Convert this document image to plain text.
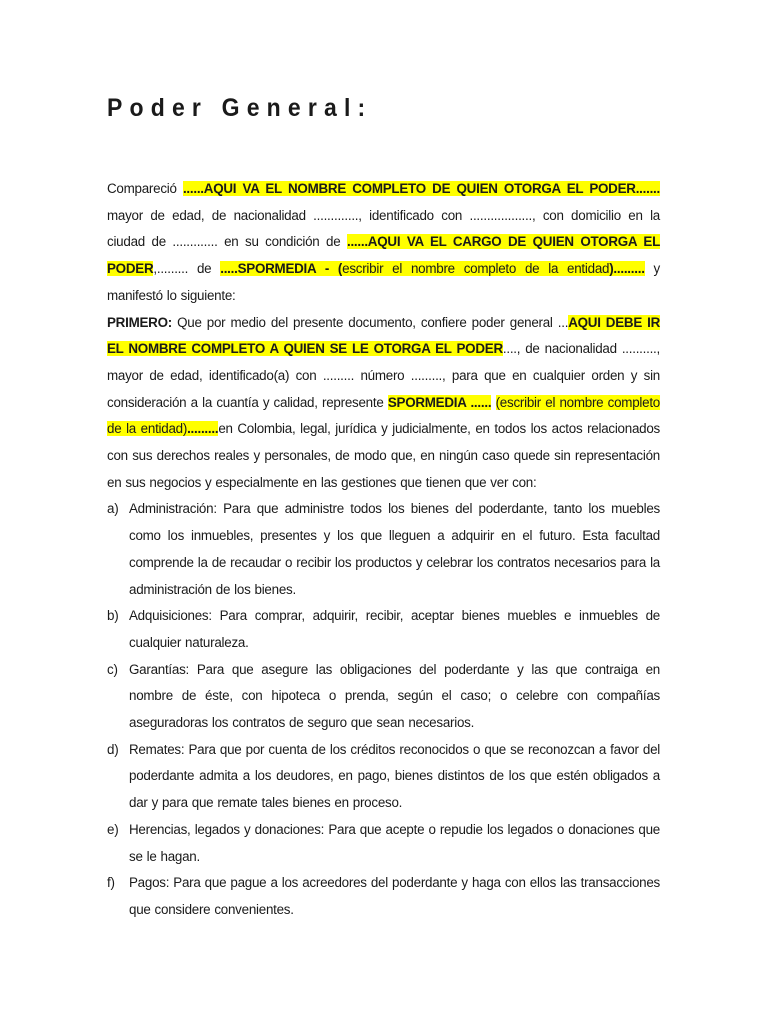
Poder General:

Compareció ......AQUI VA EL NOMBRE COMPLETO DE QUIEN OTORGA EL PODER....... mayor de edad, de nacionalidad ............., identificado con .................., con domicilio en la ciudad de ............. en su condición de ......AQUI VA EL CARGO DE QUIEN OTORGA EL PODER,......... de .....SPORMEDIA - (escribir el nombre completo de la entidad)......... y manifestó lo siguiente:

PRIMERO: Que por medio del presente documento, confiere poder general ...AQUI DEBE IR EL NOMBRE COMPLETO A QUIEN SE LE OTORGA EL PODER...., de nacionalidad .........., mayor de edad, identificado(a) con ......... número ........., para que en cualquier orden y sin consideración a la cuantía y calidad, represente SPORMEDIA ...... (escribir el nombre completo de la entidad).........en Colombia, legal, jurídica y judicialmente, en todos los actos relacionados con sus derechos reales y personales, de modo que, en ningún caso quede sin representación en sus negocios y especialmente en las gestiones que tienen que ver con:

a) Administración: Para que administre todos los bienes del poderdante, tanto los muebles como los inmuebles, presentes y los que lleguen a adquirir en el futuro. Esta facultad comprende la de recaudar o recibir los productos y celebrar los contratos necesarios para la administración de los bienes.
b) Adquisiciones: Para comprar, adquirir, recibir, aceptar bienes muebles e inmuebles de cualquier naturaleza.
c) Garantías: Para que asegure las obligaciones del poderdante y las que contraiga en nombre de éste, con hipoteca o prenda, según el caso; o celebre con compañías aseguradoras los contratos de seguro que sean necesarios.
d) Remates: Para que por cuenta de los créditos reconocidos o que se reconozcan a favor del poderdante admita a los deudores, en pago, bienes distintos de los que estén obligados a dar y para que remate tales bienes en proceso.
e) Herencias, legados y donaciones: Para que acepte o repudie los legados o donaciones que se le hagan.
f) Pagos: Para que pague a los acreedores del poderdante y haga con ellos las transacciones que considere convenientes.
